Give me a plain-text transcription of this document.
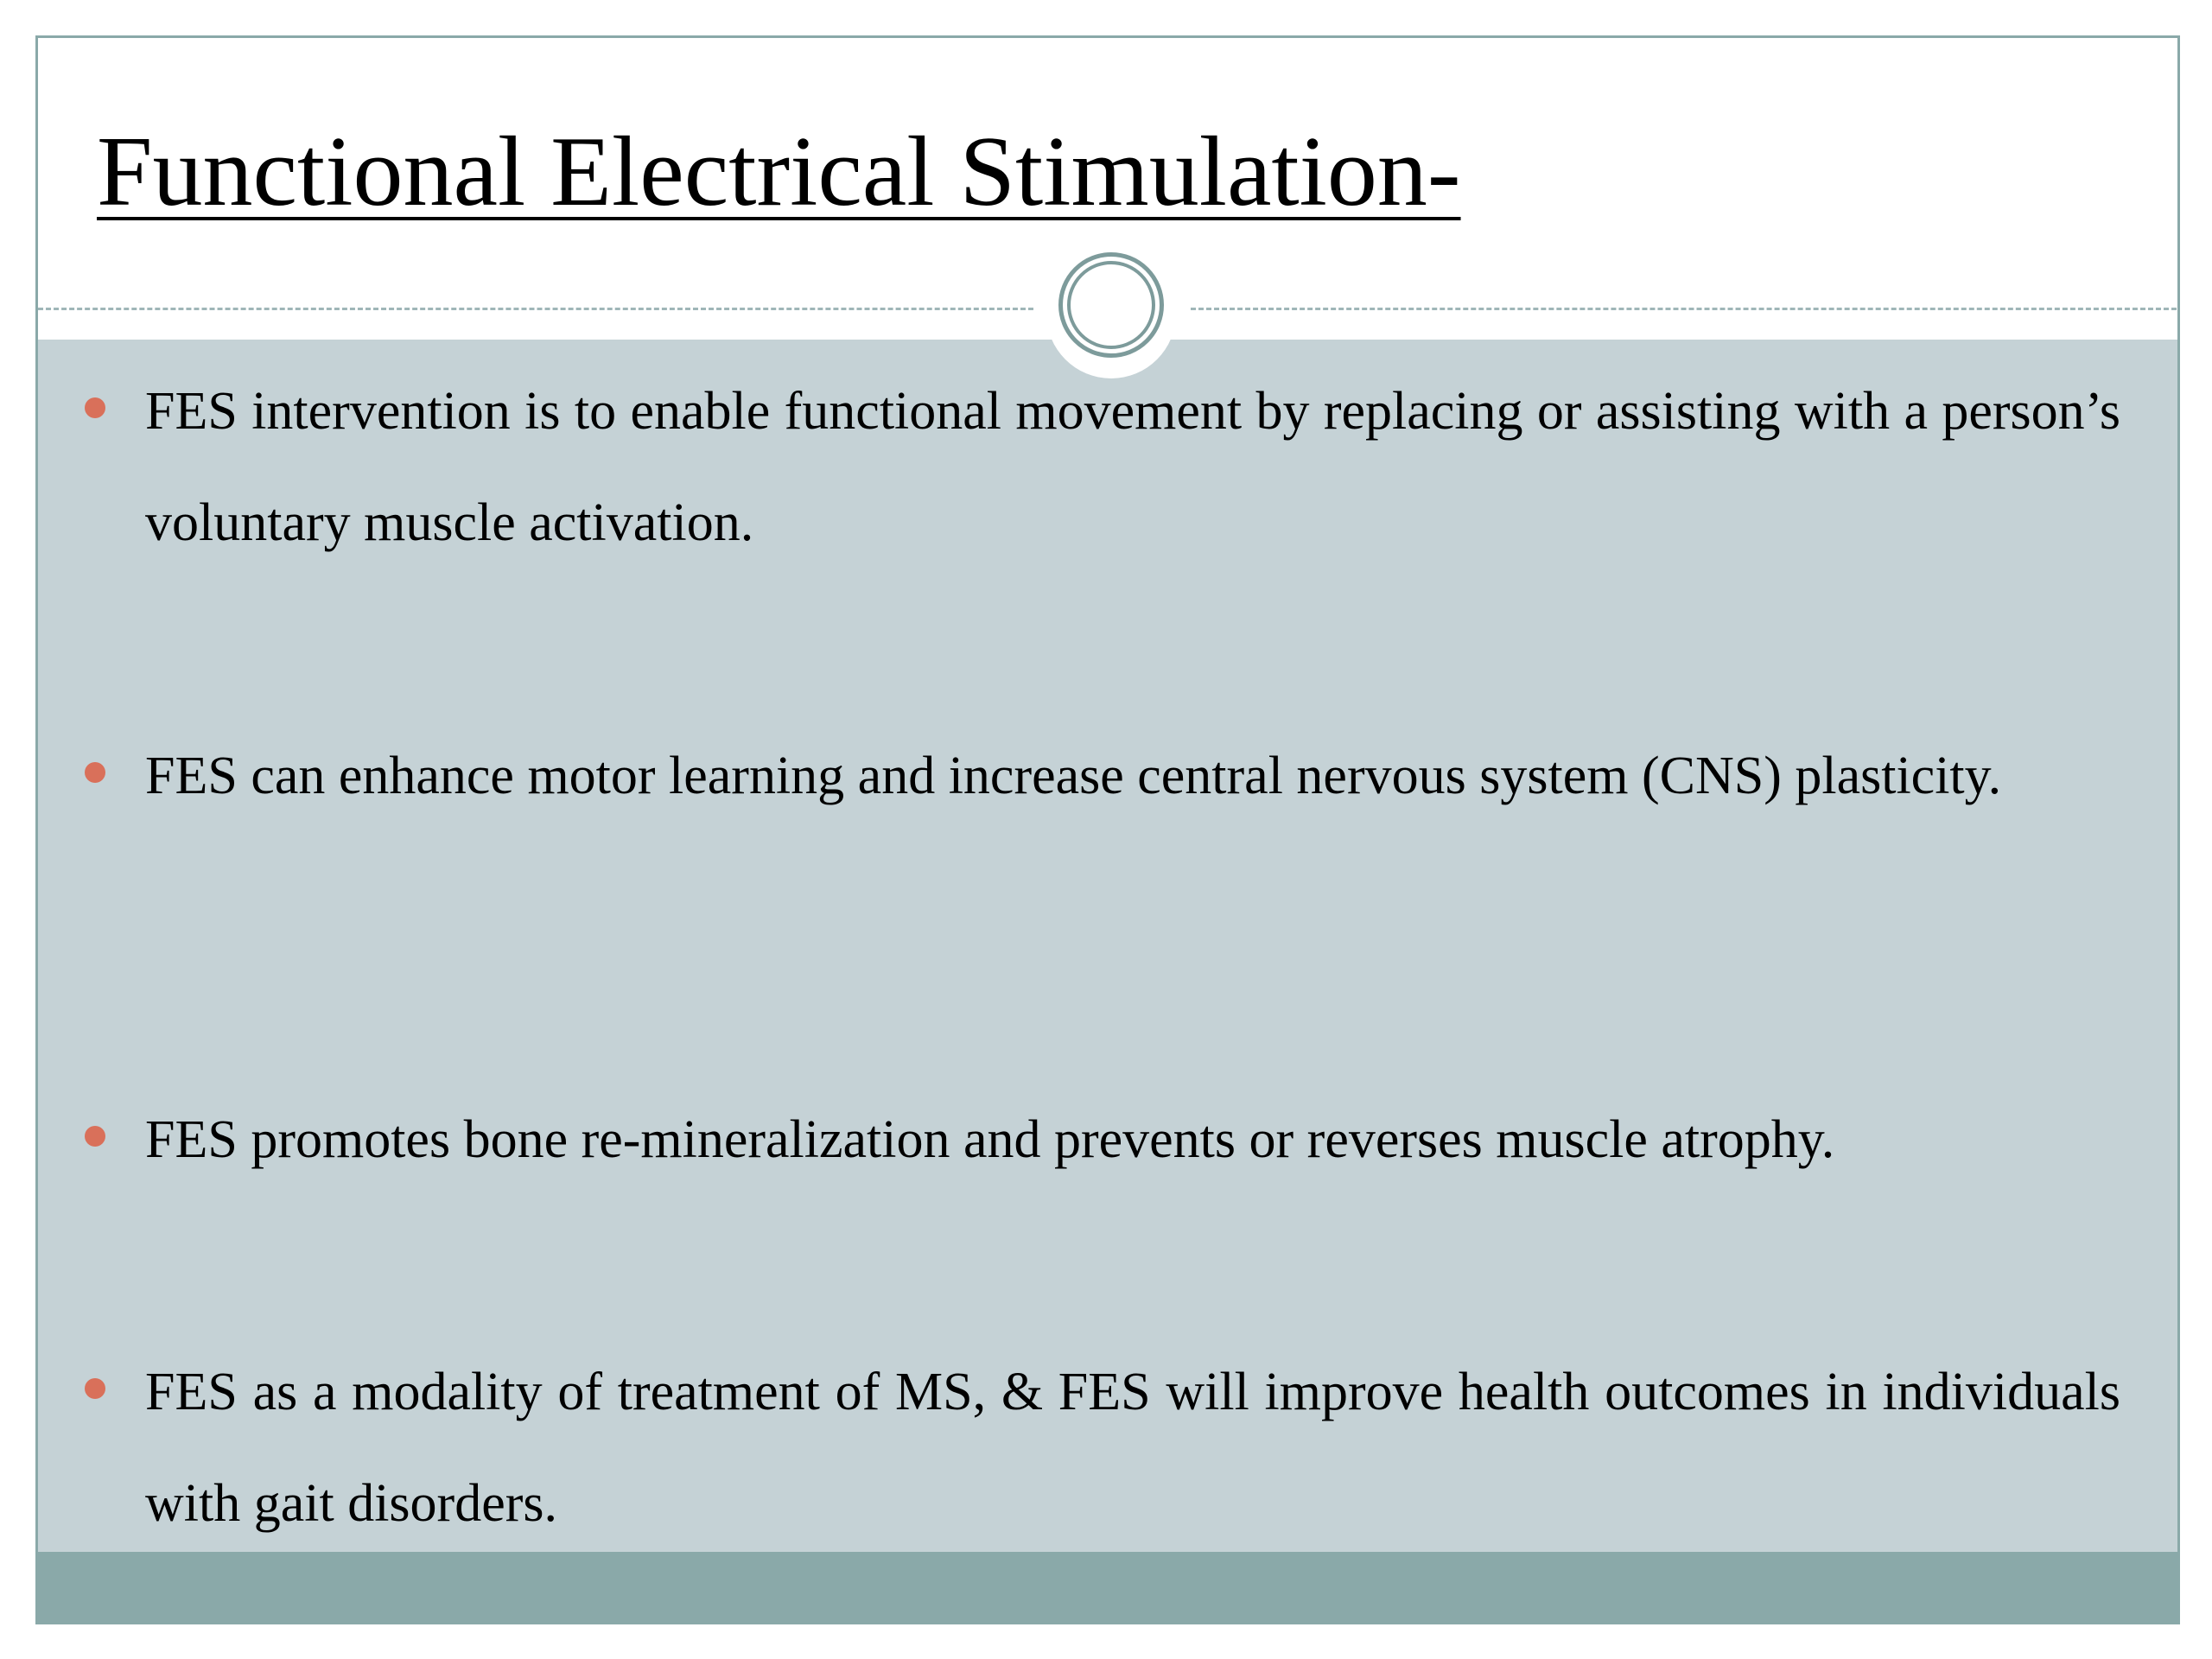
Functional Electrical Stimulation-
FES intervention is to enable functional movement by replacing or assisting with a person’s voluntary muscle activation.
FES can enhance motor learning and increase central nervous system (CNS) plasticity.
FES promotes bone re-mineralization and prevents or reverses muscle atrophy.
FES as a modality of treatment of MS, & FES will improve health outcomes in individuals with gait disorders.
